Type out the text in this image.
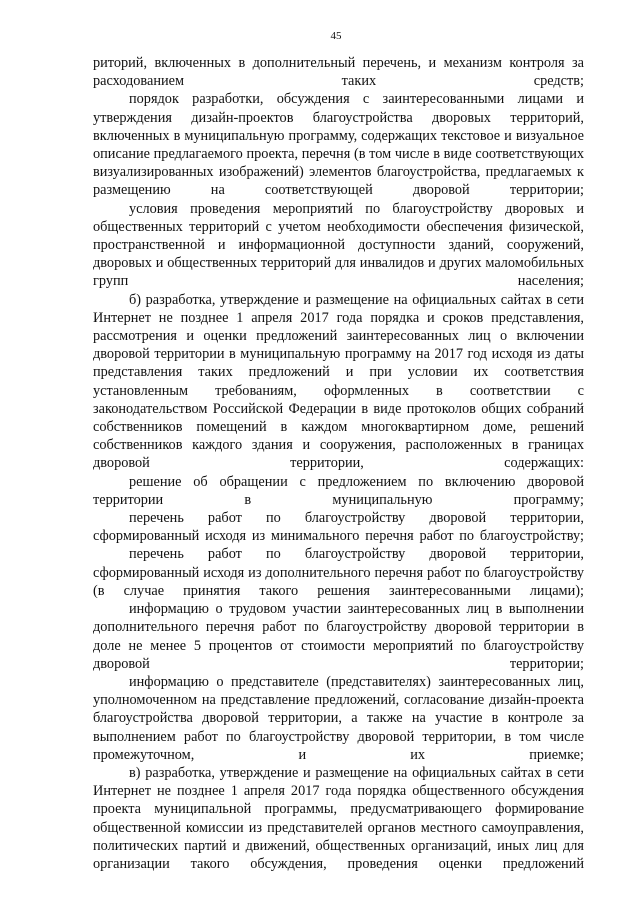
45

риторий, включенных в дополнительный перечень, и механизм контроля за расходованием таких средств;

порядок разработки, обсуждения с заинтересованными лицами и утверждения дизайн-проектов благоустройства дворовых территорий, включенных в муниципальную программу, содержащих текстовое и визуальное описание предлагаемого проекта, перечня (в том числе в виде соответствующих визуализированных изображений) элементов благоустройства, предлагаемых к размещению на соответствующей дворовой территории;

условия проведения мероприятий по благоустройству дворовых и общественных территорий с учетом необходимости обеспечения физической, пространственной и информационной доступности зданий, сооружений, дворовых и общественных территорий для инвалидов и других маломобильных групп населения;

б) разработка, утверждение и размещение на официальных сайтах в сети Интернет не позднее 1 апреля 2017 года порядка и сроков представления, рассмотрения и оценки предложений заинтересованных лиц о включении дворовой территории в муниципальную программу на 2017 год исходя из даты представления таких предложений и при условии их соответствия установленным требованиям, оформленных в соответствии с законодательством Российской Федерации в виде протоколов общих собраний собственников помещений в каждом многоквартирном доме, решений собственников каждого здания и сооружения, расположенных в границах дворовой территории, содержащих:

решение об обращении с предложением по включению дворовой территории в муниципальную программу;

перечень работ по благоустройству дворовой территории, сформированный исходя из минимального перечня работ по благоустройству;

перечень работ по благоустройству дворовой территории, сформированный исходя из дополнительного перечня работ по благоустройству (в случае принятия такого решения заинтересованными лицами);

информацию о трудовом участии заинтересованных лиц в выполнении дополнительного перечня работ по благоустройству дворовой территории в доле не менее 5 процентов от стоимости мероприятий по благоустройству дворовой территории;

информацию о представителе (представителях) заинтересованных лиц, уполномоченном на представление предложений, согласование дизайн-проекта благоустройства дворовой территории, а также на участие в контроле за выполнением работ по благоустройству дворовой территории, в том числе промежуточном, и их приемке;

в) разработка, утверждение и размещение на официальных сайтах в сети Интернет не позднее 1 апреля 2017 года порядка общественного обсуждения проекта муниципальной программы, предусматривающего формирование общественной комиссии из представителей органов местного самоуправления, политических партий и движений, общественных организаций, иных лиц для организации такого обсуждения, проведения оценки предложений
